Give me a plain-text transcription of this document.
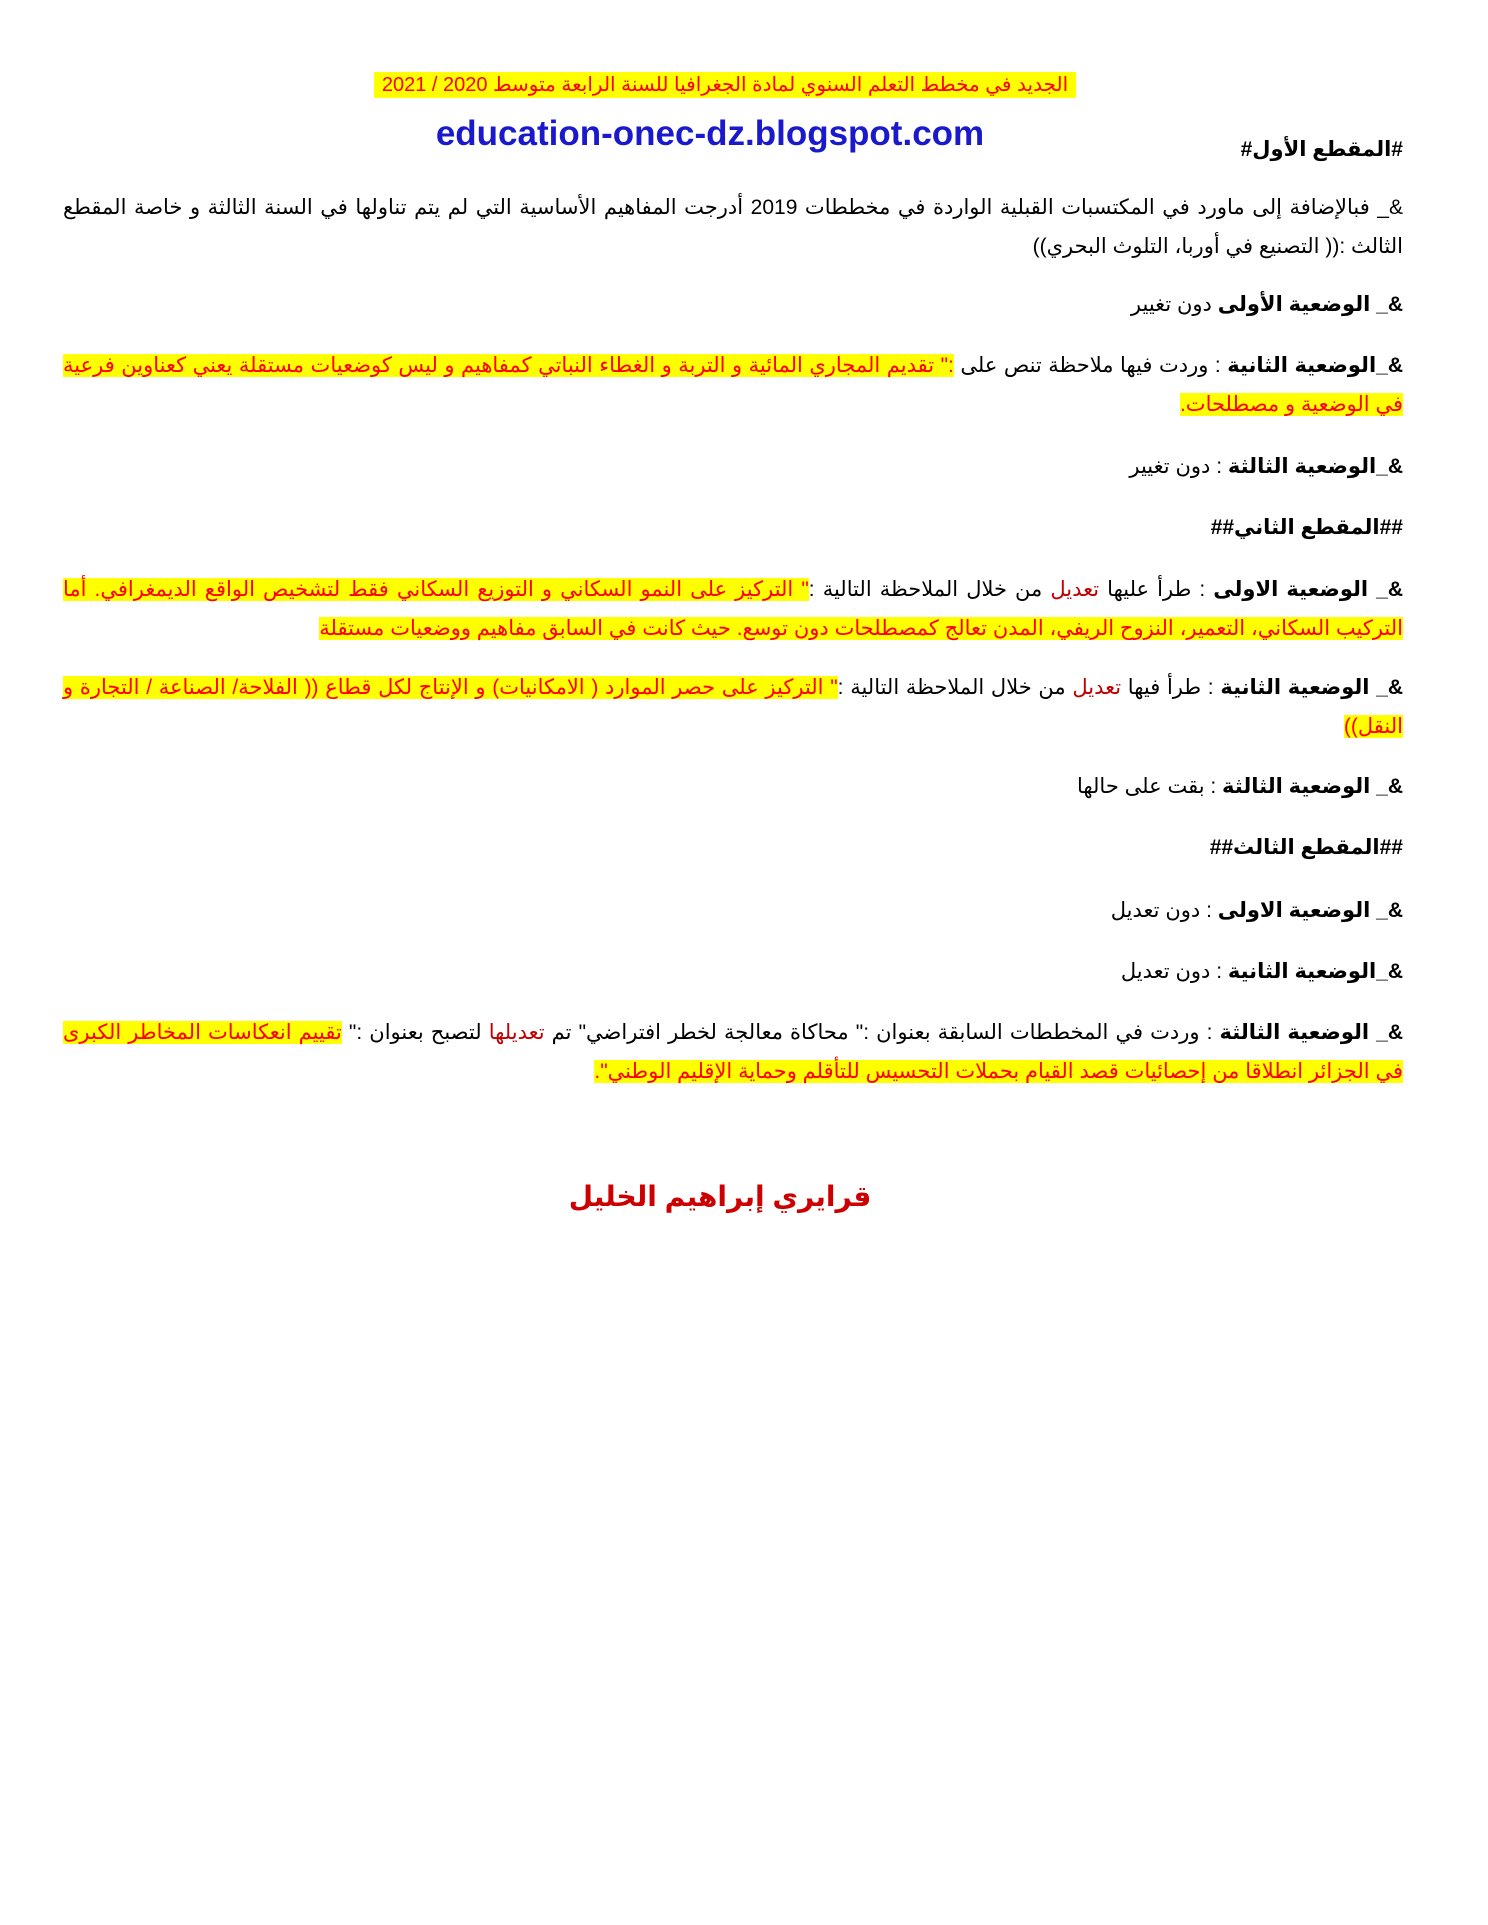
الجديد في مخطط التعلم السنوي لمادة الجغرافيا للسنة الرابعة متوسط 2020 / 2021
education-onec-dz.blogspot.com	#المقطع الأول#
&_ فبالإضافة إلى ماورد في المكتسبات القبلية الواردة في مخططات 2019 أدرجت المفاهيم الأساسية التي لم يتم تناولها في السنة الثالثة و خاصة المقطع الثالث :(( التصنيع في أوربا، التلوث البحري))
&_ الوضعية الأولى دون تغيير
&_الوضعية الثانية : وردت فيها ملاحظة تنص على :" تقديم المجاري المائية و التربة و الغطاء النباتي كمفاهيم و ليس كوضعيات مستقلة يعني كعناوين فرعية في الوضعية و مصطلحات.
&_الوضعية الثالثة : دون تغيير
##المقطع الثاني##
&_ الوضعية الاولى : طرأ عليها تعديل من خلال الملاحظة التالية :" التركيز على النمو السكاني و التوزيع السكاني فقط لتشخيص الواقع الديمغرافي. أما التركيب السكاني، التعمير، النزوح الريفي، المدن تعالج كمصطلحات دون توسع. حيث كانت في السابق مفاهيم ووضعيات مستقلة
&_ الوضعية الثانية : طرأ فيها تعديل من خلال الملاحظة التالية :" التركيز على حصر الموارد ( الامكانيات) و الإنتاج لكل قطاع (( الفلاحة/ الصناعة / التجارة و النقل))
&_ الوضعية الثالثة : بقت على حالها
##المقطع الثالث##
&_ الوضعية الاولى : دون تعديل
&_الوضعية الثانية : دون تعديل
&_ الوضعية الثالثة : وردت في المخططات السابقة بعنوان :" محاكاة معالجة لخطر افتراضي" تم تعديلها لتصبح بعنوان :" تقييم انعكاسات المخاطر الكبرى في الجزائر انطلاقا من إحصائيات قصد القيام بحملات التحسيس للتأقلم وحماية الإقليم الوطني".
قرايري إبراهيم الخليل
